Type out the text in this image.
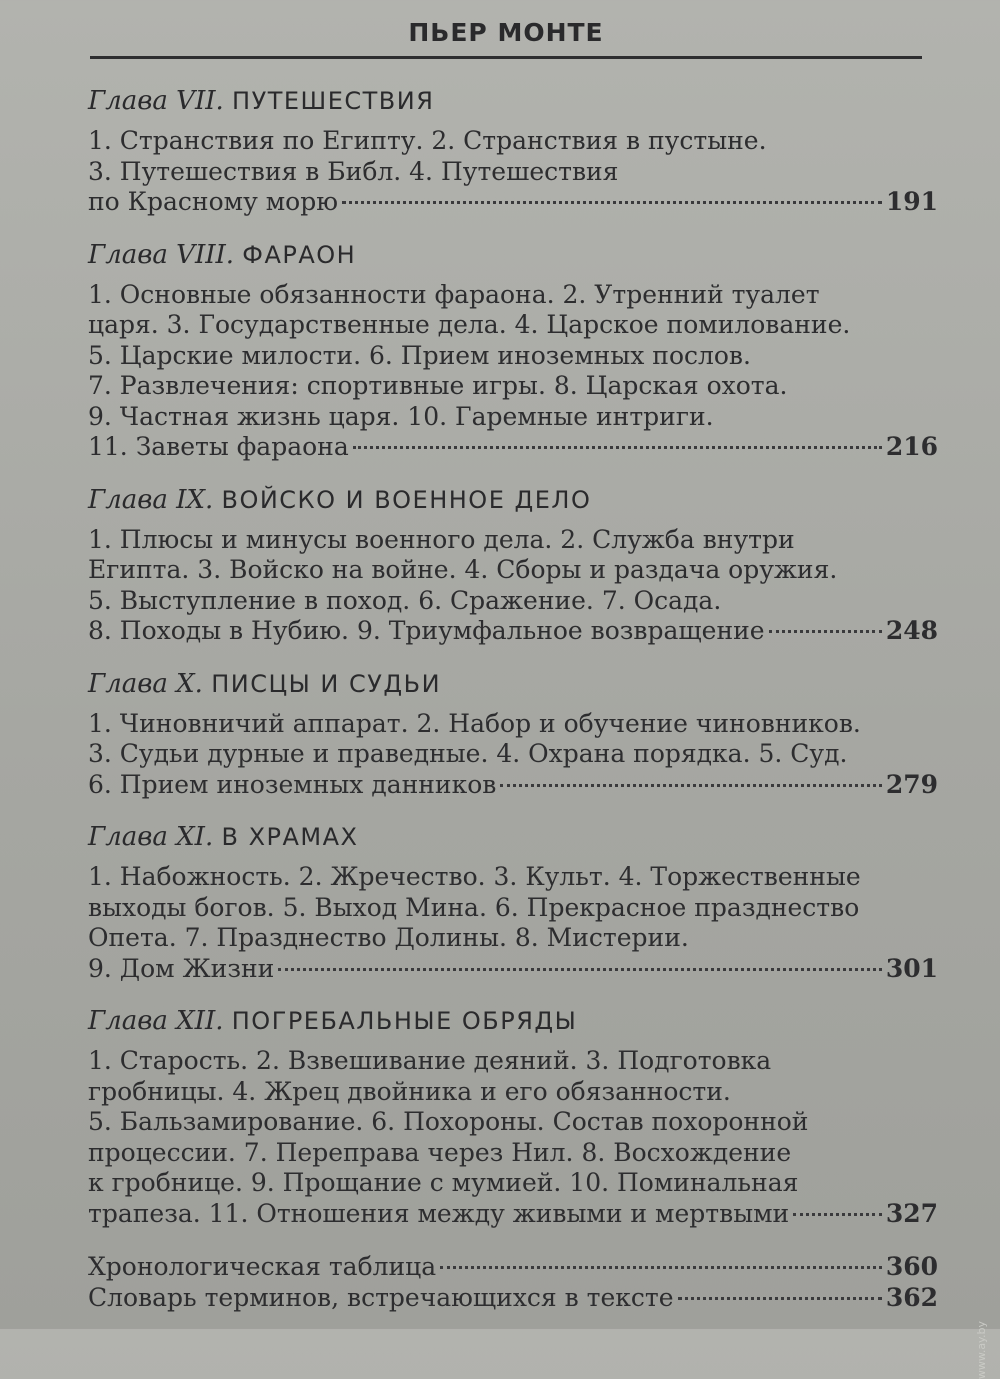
ПЬЕР МОНТЕ
Глава VII. ПУТЕШЕСТВИЯ
1. Странствия по Египту. 2. Странствия в пустыне.
3. Путешествия в Библ. 4. Путешествия
по Красному морю	191
Глава VIII. ФАРАОН
1. Основные обязанности фараона. 2. Утренний туалет
царя. 3. Государственные дела. 4. Царское помилование.
5. Царские милости. 6. Прием иноземных послов.
7. Развлечения: спортивные игры. 8. Царская охота.
9. Частная жизнь царя. 10. Гаремные интриги.
11. Заветы фараона	216
Глава IX. ВОЙСКО И ВОЕННОЕ ДЕЛО
1. Плюсы и минусы военного дела. 2. Служба внутри
Египта. 3. Войско на войне. 4. Сборы и раздача оружия.
5. Выступление в поход. 6. Сражение. 7. Осада.
8. Походы в Нубию. 9. Триумфальное возвращение	248
Глава X. ПИСЦЫ И СУДЬИ
1. Чиновничий аппарат. 2. Набор и обучение чиновников.
3. Судьи дурные и праведные. 4. Охрана порядка. 5. Суд.
6. Прием иноземных данников	279
Глава XI. В ХРАМАХ
1. Набожность. 2. Жречество. 3. Культ. 4. Торжественные
выходы богов. 5. Выход Мина. 6. Прекрасное празднество
Опета. 7. Празднество Долины. 8. Мистерии.
9. Дом Жизни	301
Глава XII. ПОГРЕБАЛЬНЫЕ ОБРЯДЫ
1. Старость. 2. Взвешивание деяний. 3. Подготовка
гробницы. 4. Жрец двойника и его обязанности.
5. Бальзамирование. 6. Похороны. Состав похоронной
процессии. 7. Переправа через Нил. 8. Восхождение
к гробнице. 9. Прощание с мумией. 10. Поминальная
трапеза. 11. Отношения между живыми и мертвыми	327
Хронологическая таблица	360
Словарь терминов, встречающихся в тексте	362
www.ay.by
